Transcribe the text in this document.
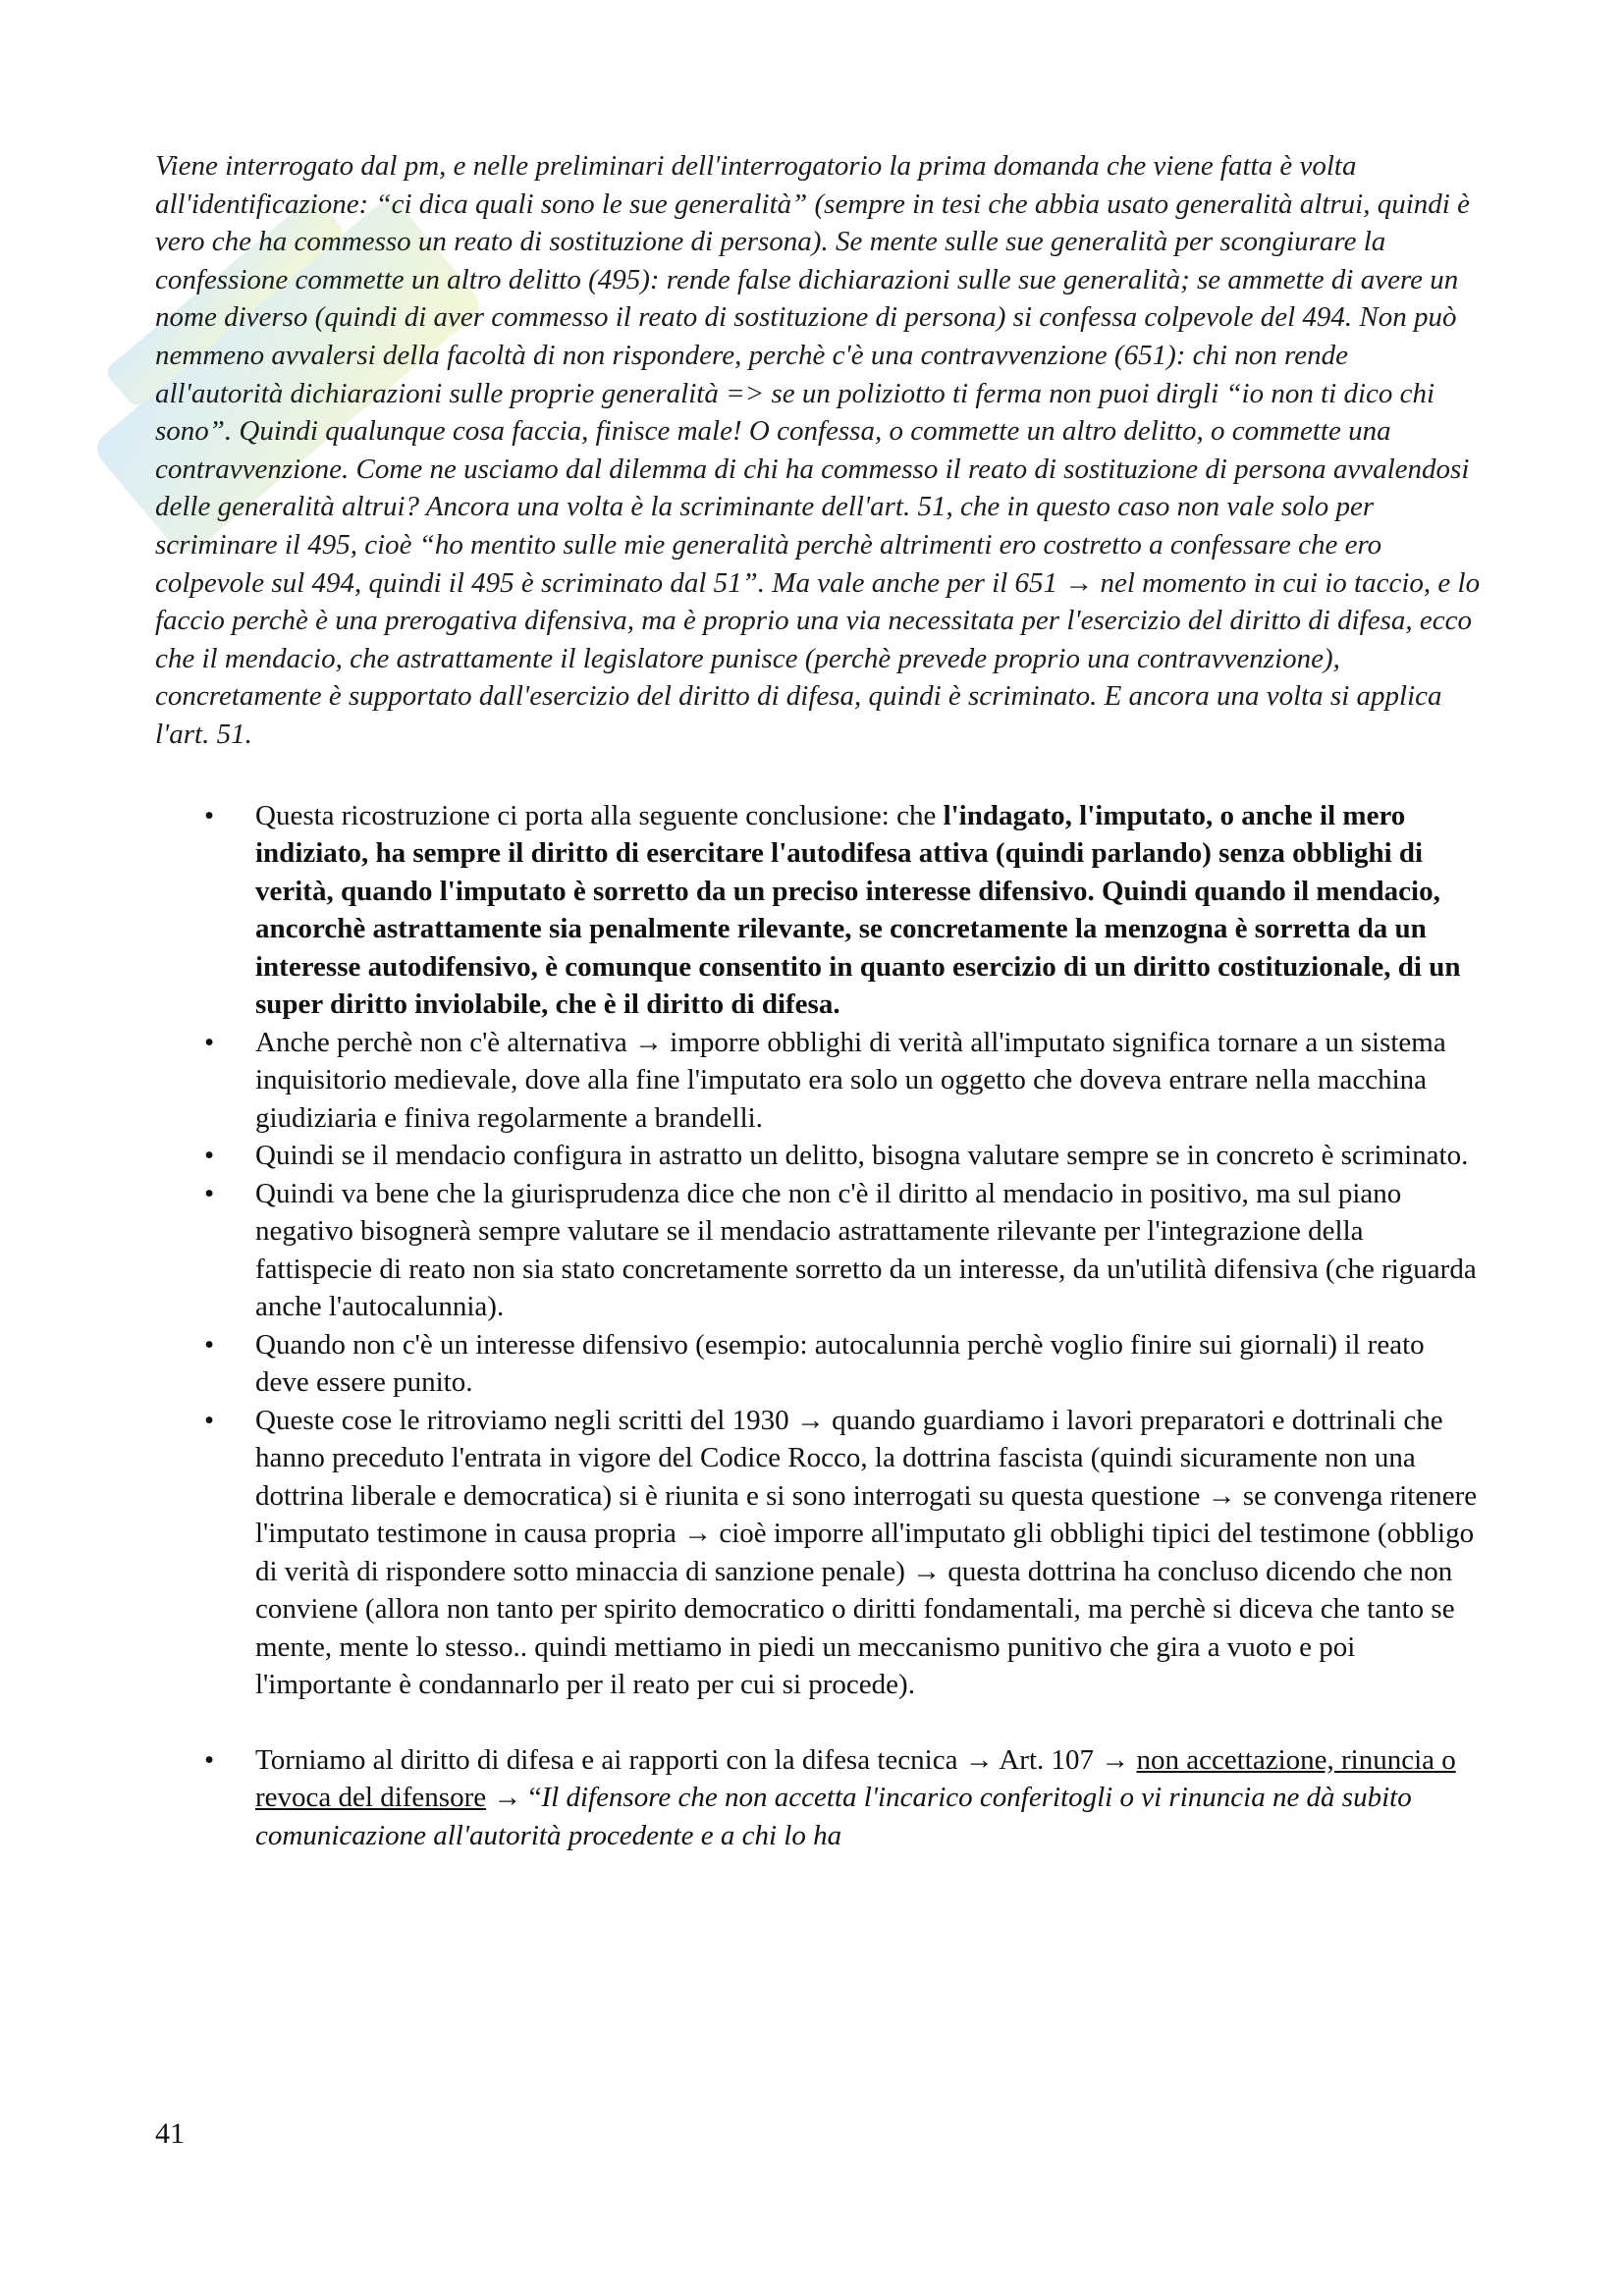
Viene interrogato dal pm, e nelle preliminari dell'interrogatorio la prima domanda che viene fatta è volta all'identificazione: “ci dica quali sono le sue generalità” (sempre in tesi che abbia usato generalità altrui, quindi è vero che ha commesso un reato di sostituzione di persona). Se mente sulle sue generalità per scongiurare la confessione commette un altro delitto (495): rende false dichiarazioni sulle sue generalità; se ammette di avere un nome diverso (quindi di aver commesso il reato di sostituzione di persona) si confessa colpevole del 494. Non può nemmeno avvalersi della facoltà di non rispondere, perchè c'è una contravvenzione (651): chi non rende all'autorità dichiarazioni sulle proprie generalità => se un poliziotto ti ferma non puoi dirgli “io non ti dico chi sono”. Quindi qualunque cosa faccia, finisce male! O confessa, o commette un altro delitto, o commette una contravvenzione. Come ne usciamo dal dilemma di chi ha commesso il reato di sostituzione di persona avvalendosi delle generalità altrui? Ancora una volta è la scriminante dell'art. 51, che in questo caso non vale solo per scriminare il 495, cioè “ho mentito sulle mie generalità perchè altrimenti ero costretto a confessare che ero colpevole sul 494, quindi il 495 è scriminato dal 51”. Ma vale anche per il 651 → nel momento in cui io taccio, e lo faccio perchè è una prerogativa difensiva, ma è proprio una via necessitata per l'esercizio del diritto di difesa, ecco che il mendacio, che astrattamente il legislatore punisce (perchè prevede proprio una contravvenzione), concretamente è supportato dall'esercizio del diritto di difesa, quindi è scriminato. E ancora una volta si applica l'art. 51.

• Questa ricostruzione ci porta alla seguente conclusione: che l'indagato, l'imputato, o anche il mero indiziato, ha sempre il diritto di esercitare l'autodifesa attiva (quindi parlando) senza obblighi di verità, quando l'imputato è sorretto da un preciso interesse difensivo. Quindi quando il mendacio, ancorchè astrattamente sia penalmente rilevante, se concretamente la menzogna è sorretta da un interesse autodifensivo, è comunque consentito in quanto esercizio di un diritto costituzionale, di un super diritto inviolabile, che è il diritto di difesa.
• Anche perchè non c'è alternativa → imporre obblighi di verità all'imputato significa tornare a un sistema inquisitorio medievale, dove alla fine l'imputato era solo un oggetto che doveva entrare nella macchina giudiziaria e finiva regolarmente a brandelli.
• Quindi se il mendacio configura in astratto un delitto, bisogna valutare sempre se in concreto è scriminato.
• Quindi va bene che la giurisprudenza dice che non c'è il diritto al mendacio in positivo, ma sul piano negativo bisognerà sempre valutare se il mendacio astrattamente rilevante per l'integrazione della fattispecie di reato non sia stato concretamente sorretto da un interesse, da un'utilità difensiva (che riguarda anche l'autocalunnia).
• Quando non c'è un interesse difensivo (esempio: autocalunnia perchè voglio finire sui giornali) il reato deve essere punito.
• Queste cose le ritroviamo negli scritti del 1930 → quando guardiamo i lavori preparatori e dottrinali che hanno preceduto l'entrata in vigore del Codice Rocco, la dottrina fascista (quindi sicuramente non una dottrina liberale e democratica) si è riunita e si sono interrogati su questa questione → se convenga ritenere l'imputato testimone in causa propria → cioè imporre all'imputato gli obblighi tipici del testimone (obbligo di verità di rispondere sotto minaccia di sanzione penale) → questa dottrina ha concluso dicendo che non conviene (allora non tanto per spirito democratico o diritti fondamentali, ma perchè si diceva che tanto se mente, mente lo stesso.. quindi mettiamo in piedi un meccanismo punitivo che gira a vuoto e poi l'importante è condannarlo per il reato per cui si procede).
• Torniamo al diritto di difesa e ai rapporti con la difesa tecnica → Art. 107 → non accettazione, rinuncia o revoca del difensore → “Il difensore che non accetta l'incarico conferitogli o vi rinuncia ne dà subito comunicazione all'autorità procedente e a chi lo ha

41
